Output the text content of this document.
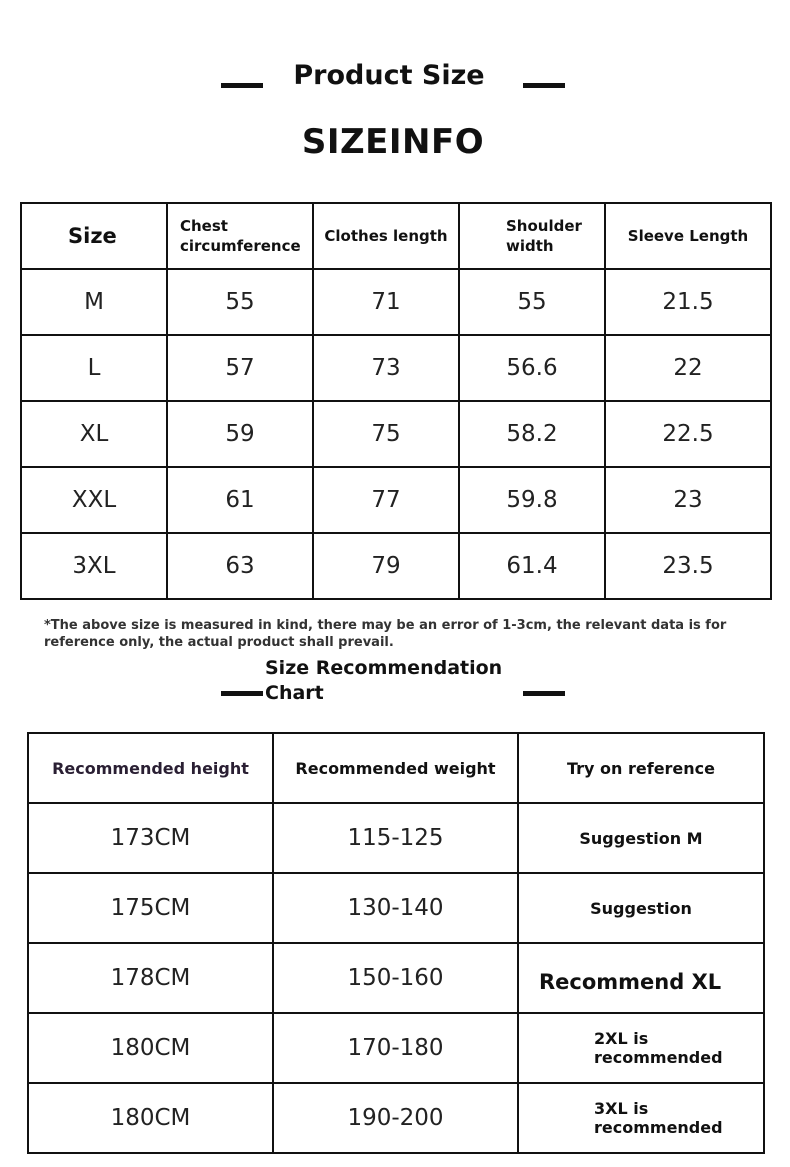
Product Size
SIZEINFO
Size	Chest circumference	Clothes length	Shoulder width	Sleeve Length
M	55	71	55	21.5
L	57	73	56.6	22
XL	59	75	58.2	22.5
XXL	61	77	59.8	23
3XL	63	79	61.4	23.5
*The above size is measured in kind, there may be an error of 1-3cm, the relevant data is for reference only, the actual product shall prevail.
Size Recommendation Chart
Recommended height	Recommended weight	Try on reference
173CM	115-125	Suggestion M
175CM	130-140	Suggestion
178CM	150-160	Recommend XL
180CM	170-180	2XL is recommended
180CM	190-200	3XL is recommended
